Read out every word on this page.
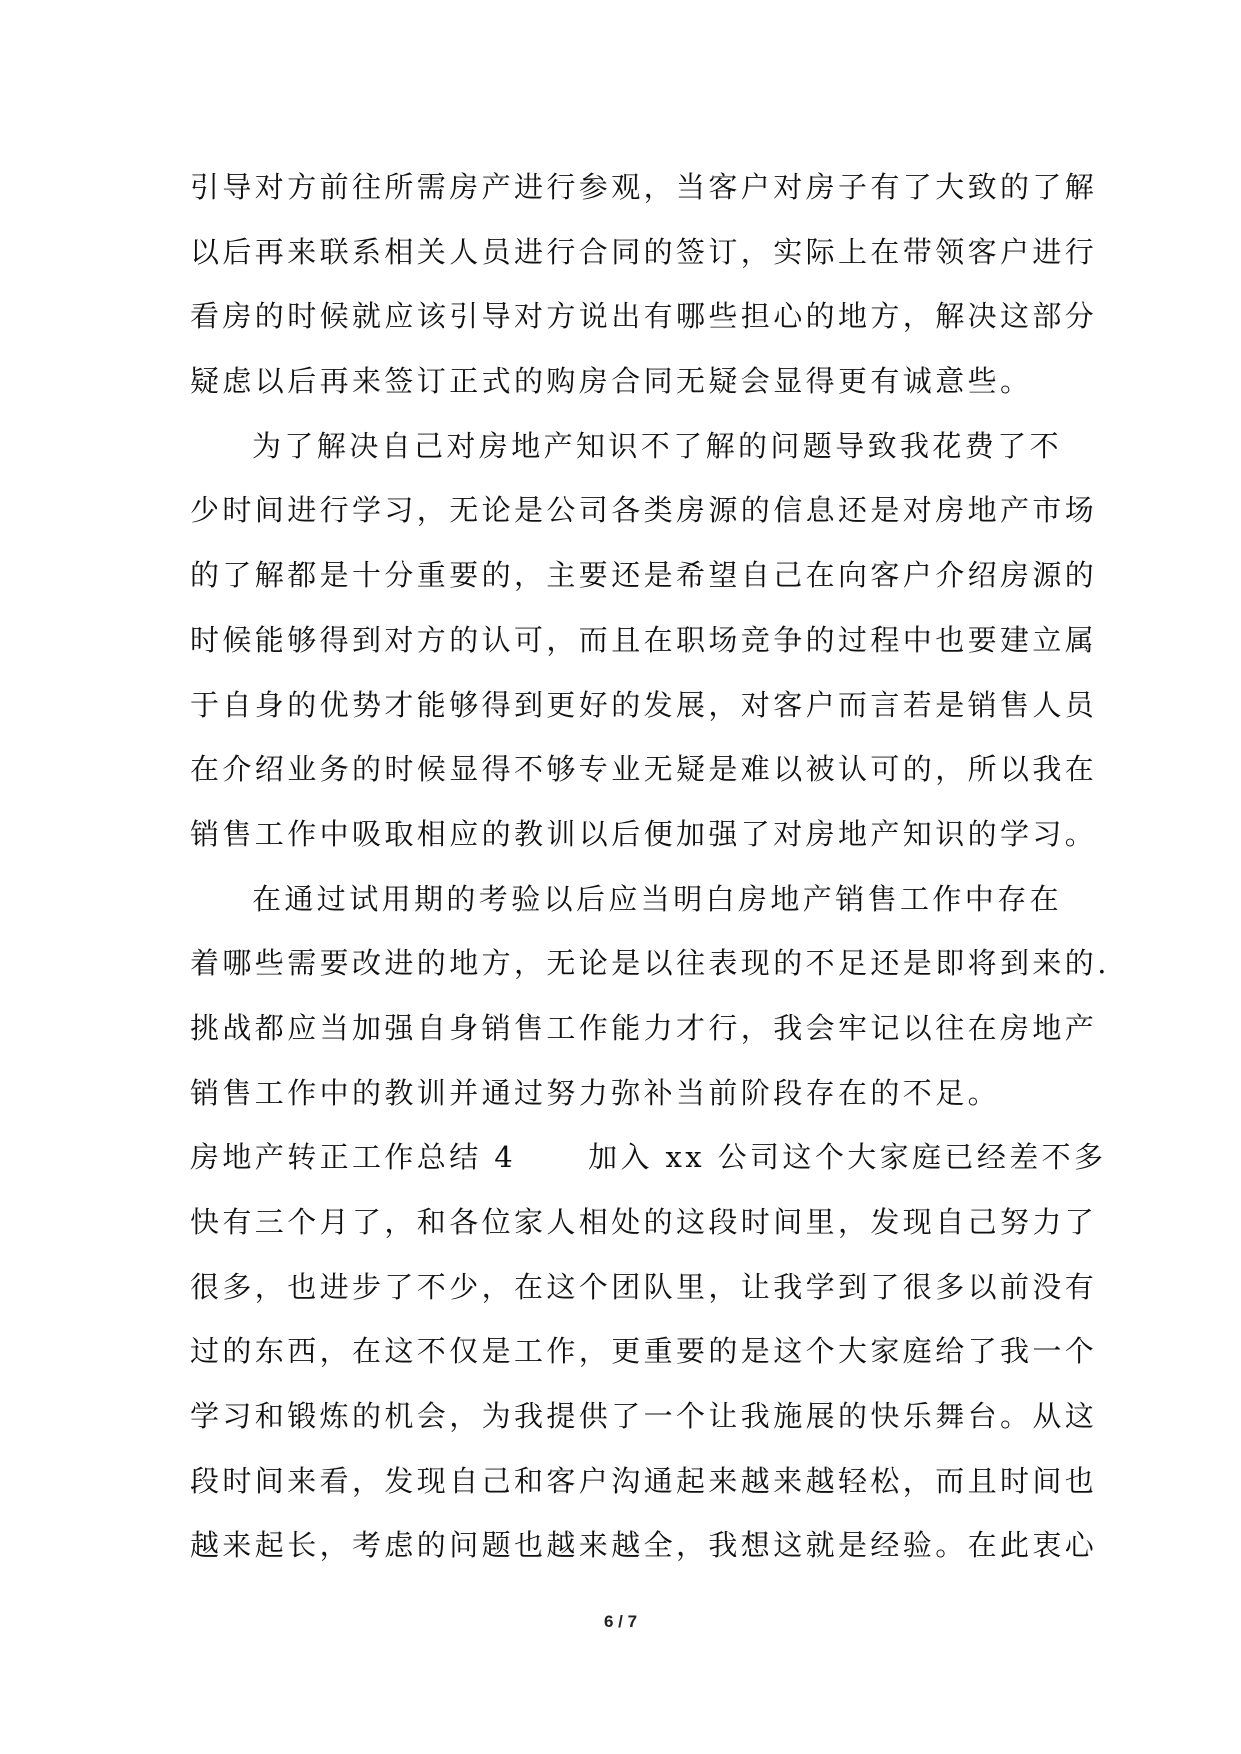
引导对方前往所需房产进行参观，当客户对房子有了大致的了解
以后再来联系相关人员进行合同的签订，实际上在带领客户进行
看房的时候就应该引导对方说出有哪些担心的地方，解决这部分
疑虑以后再来签订正式的购房合同无疑会显得更有诚意些。
为了解决自己对房地产知识不了解的问题导致我花费了不
少时间进行学习，无论是公司各类房源的信息还是对房地产市场
的了解都是十分重要的，主要还是希望自己在向客户介绍房源的
时候能够得到对方的认可，而且在职场竞争的过程中也要建立属
于自身的优势才能够得到更好的发展，对客户而言若是销售人员
在介绍业务的时候显得不够专业无疑是难以被认可的，所以我在
销售工作中吸取相应的教训以后便加强了对房地产知识的学习。
在通过试用期的考验以后应当明白房地产销售工作中存在
着哪些需要改进的地方，无论是以往表现的不足还是即将到来的.
挑战都应当加强自身销售工作能力才行，我会牢记以往在房地产
销售工作中的教训并通过努力弥补当前阶段存在的不足。
房地产转正工作总结 4 加入 xx 公司这个大家庭已经差不多
快有三个月了，和各位家人相处的这段时间里，发现自己努力了
很多，也进步了不少，在这个团队里，让我学到了很多以前没有
过的东西，在这不仅是工作，更重要的是这个大家庭给了我一个
学习和锻炼的机会，为我提供了一个让我施展的快乐舞台。从这
段时间来看，发现自己和客户沟通起来越来越轻松，而且时间也
越来起长，考虑的问题也越来越全，我想这就是经验。在此衷心
6 / 7
